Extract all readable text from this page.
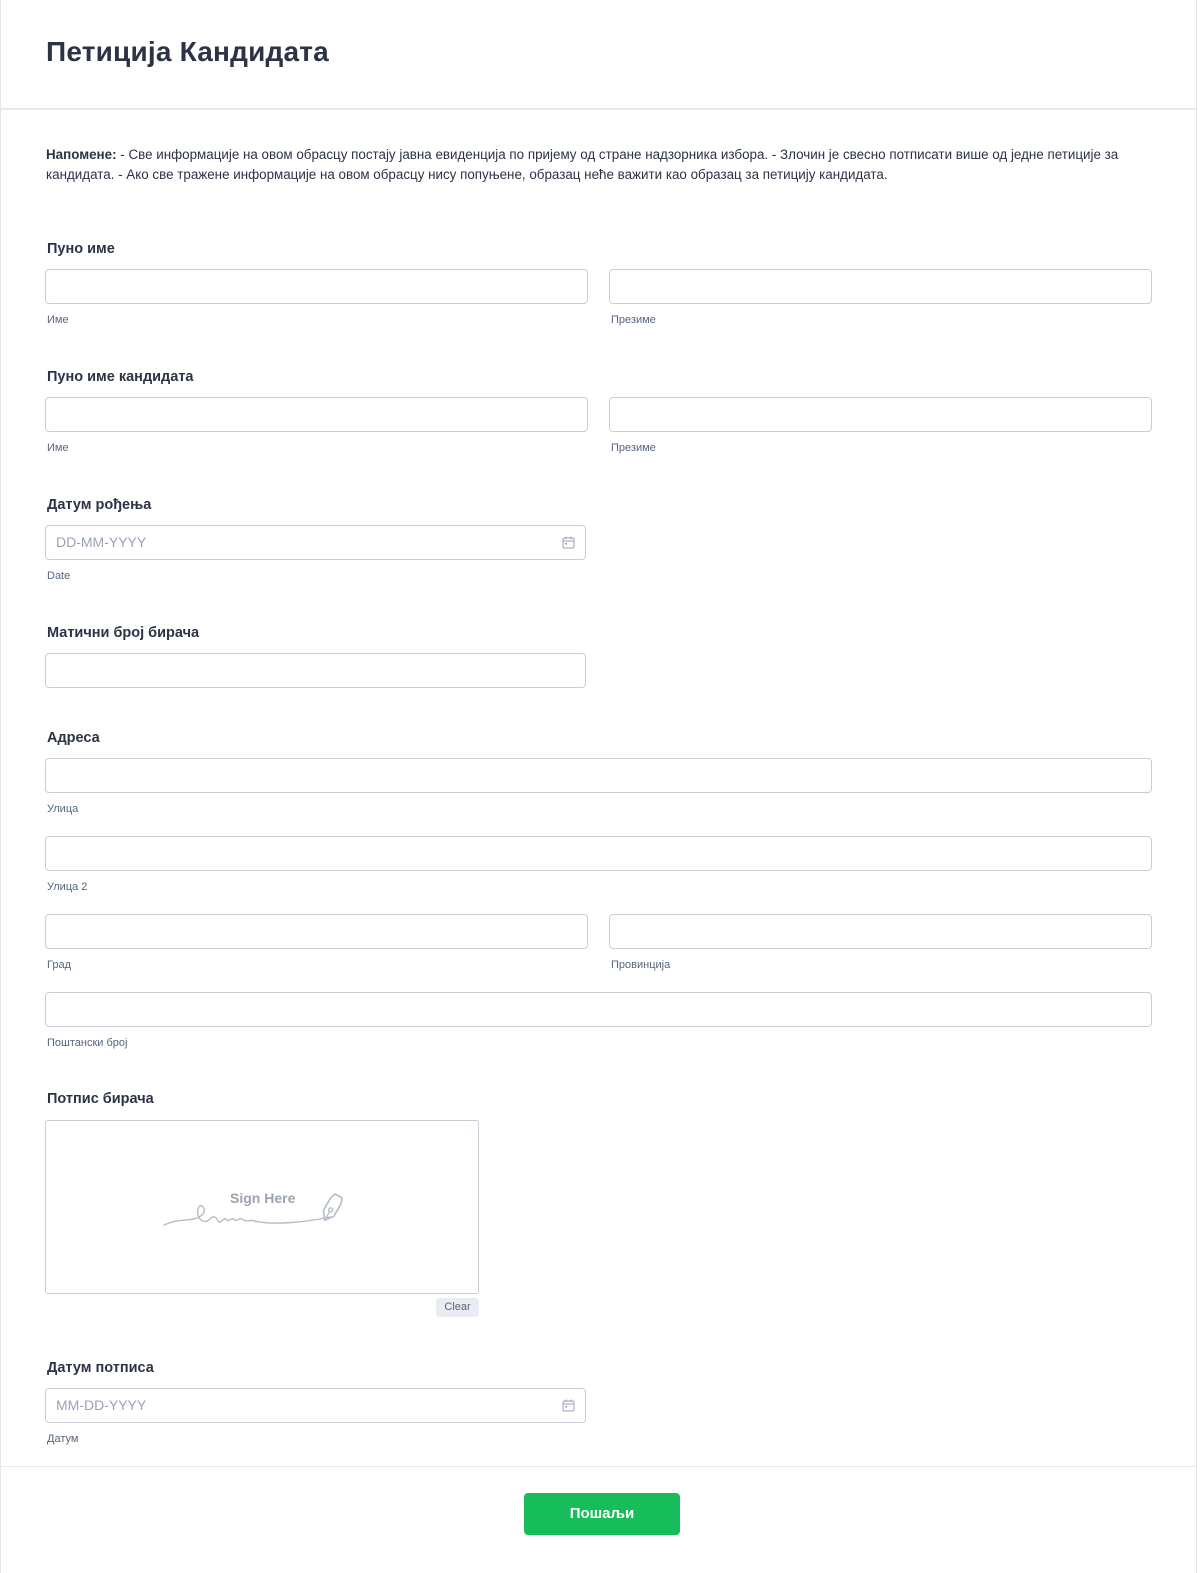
Петиција Кандидата

Напомене: - Све информације на овом обрасцу постају јавна евиденција по пријему од стране надзорника избора. - Злочин је свесно потписати више од једне петиције за кандидата. - Ако све тражене информације на овом обрасцу нису попуњене, образац неће важити као образац за петицију кандидата.

Пуно име
Име	Презиме
Пуно име кандидата
Име	Презиме
Датум рођења
DD-MM-YYYY
Date
Матични број бирача
Адреса
Улица
Улица 2
Град	Провинција
Поштански број
Потпис бирача
Sign Here
Clear
Датум потписа
MM-DD-YYYY
Датум
Пошаљи
